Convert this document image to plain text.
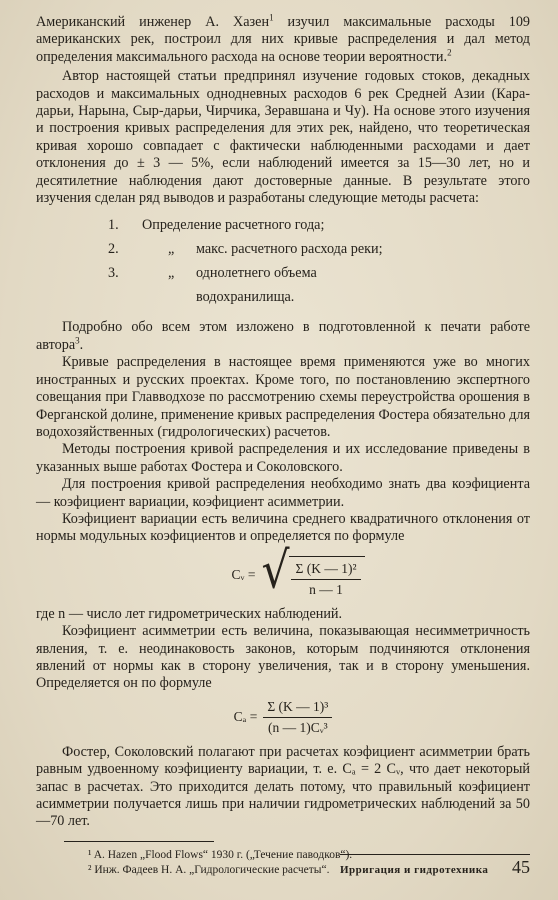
Американский инженер А. Хазен$^1$ изучил максимальные расходы 109 американских рек, построил для них кривые распределения и дал метод определения максимального расхода на основе теории вероятности.$^2$

Автор настоящей статьи предпринял изучение годовых стоков, декадных расходов и максимальных однодневных расходов 6 рек Средней Азии (Кара-дарьи, Нарына, Сыр-дарьи, Чирчика, Зеравшана и Чу). На основе этого изучения и построения кривых распределения для этих рек, найдено, что теоретическая кривая хорошо совпадает с фактически наблюденными расходами и дает отклонения до ± 3 — 5%, если наблюдений имеется за 15—30 лет, но и десятилетние наблюдения дают достоверные данные. В результате этого изучения сделан ряд выводов и разработаны следующие методы расчета:

1.	Определение расчетного года;
2.	„	макс. расчетного расхода реки;
3.	„	однолетнего объема
водохранилища.

Подробно обо всем этом изложено в подготовленной к печати работе автора$^3$.

Кривые распределения в настоящее время применяются уже во многих иностранных и русских проектах. Кроме того, по постановлению экспертного совещания при Главводхозе по рассмотрению схемы переустройства орошения в Ферганской долине, применение кривых распределения Фостера обязательно для водохозяйственных (гидрологических) расчетов.

Методы построения кривой распределения и их исследование приведены в указанных выше работах Фостера и Соколовского.

Для построения кривой распределения необходимо знать два коэфициента — коэфициент вариации, коэфициент асимметрии.

Коэфициент вариации есть величина среднего квадратичного отклонения от нормы модульных коэфициентов и определяется по формуле

Cᵥ = √ $\frac{\text{Σ (K — 1)²}}{n — 1}$

где n — число лет гидрометрических наблюдений.

Коэфициент асимметрии есть величина, показывающая несимметричность явления, т. е. неодинаковость законов, которым подчиняются отклонения явлений от нормы как в сторону увеличения, так и в сторону уменьшения. Определяется он по формуле

$C_a = \frac{\text{Σ (K — 1)³}}{\text{(n — 1)Cᵥ³}}$

Фостер, Соколовский полагают при расчетах коэфициент асимметрии брать равным удвоенному коэфициенту вариации, т. е. Cₐ = 2 Cᵥ, что дает некоторый запас в расчетах. Это приходится делать потому, что правильный коэфициент асимметрии получается лишь при наличии гидрометрических наблюдений за 50—70 лет.

¹ A. Hazen „Flood Flows“ 1930 г. („Течение паводков“).
² Инж. Фадеев Н. А. „Гидрологические расчеты“. Ирригация и гидротехника 45
